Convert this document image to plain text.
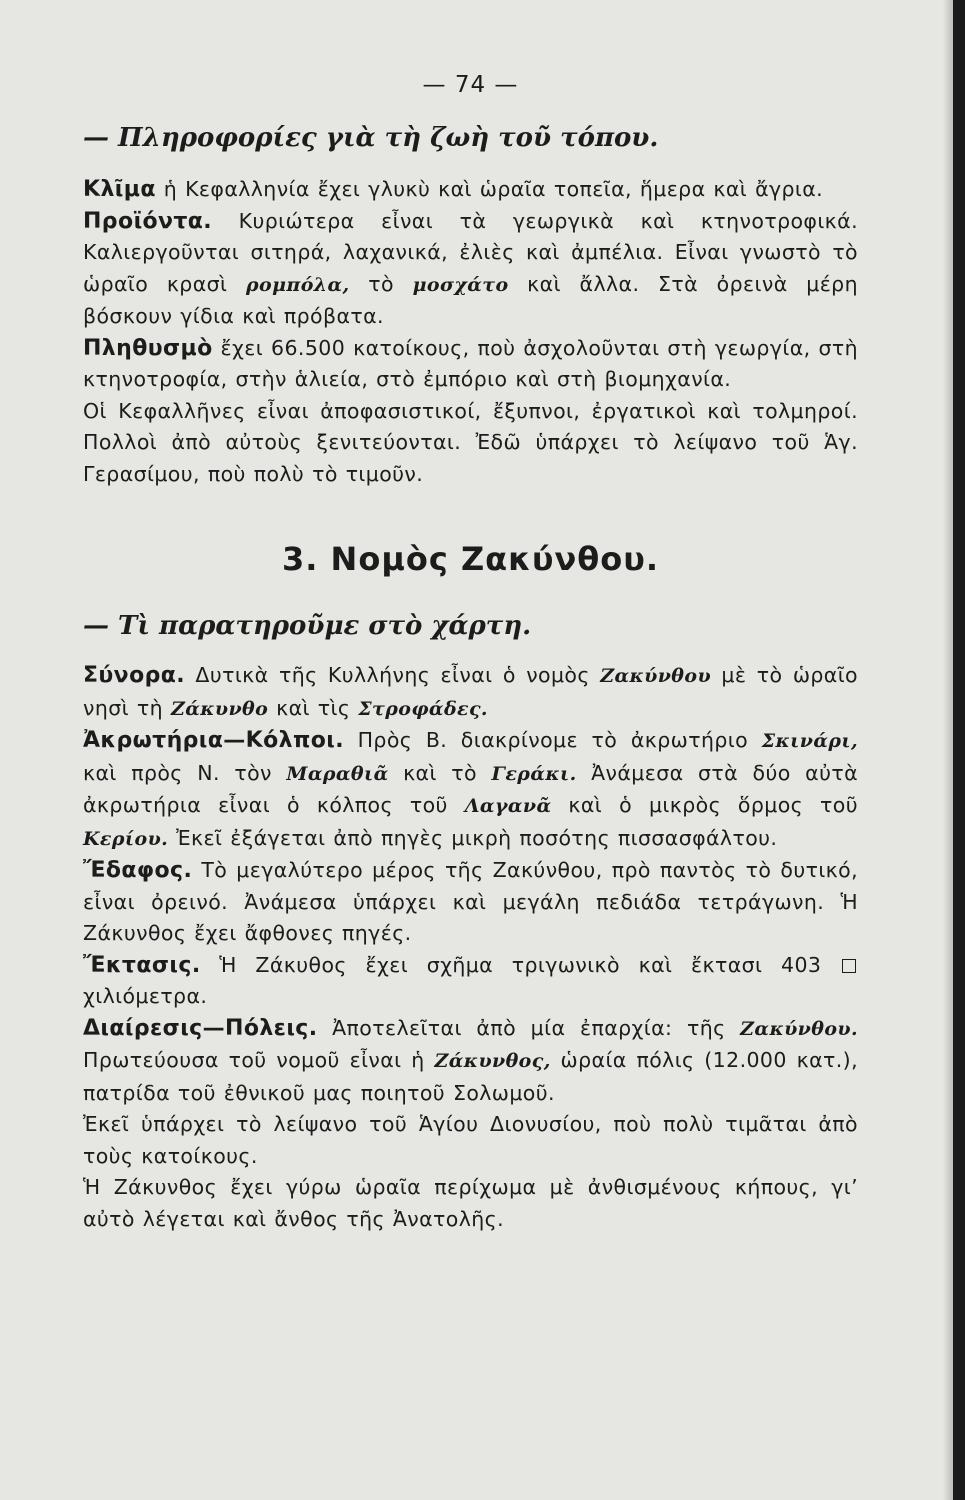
— 74 —

— Πληροφορίες γιὰ τὴ ζωὴ τοῦ τόπου.

Κλῖμα ἡ Κεφαλληνία ἔχει γλυκὺ καὶ ὡραῖα τοπεῖα, ἥμερα καὶ ἄγρια.

Προϊόντα. Κυριώτερα εἶναι τὰ γεωργικὰ καὶ κτηνοτροφικά. Καλιεργοῦνται σιτηρά, λαχανικά, ἐλιὲς καὶ ἀμπέλια. Εἶναι γνωστὸ τὸ ὡραῖο κρασὶ ρομπόλα, τὸ μοσχάτο καὶ ἄλλα. Στὰ ὀρεινὰ μέρη βόσκουν γίδια καὶ πρόβατα.

Πληθυσμὸ ἔχει 66.500 κατοίκους, ποὺ ἀσχολοῦνται στὴ γεωργία, στὴ κτηνοτροφία, στὴν ἁλιεία, στὸ ἐμπόριο καὶ στὴ βιομηχανία.

Οἱ Κεφαλλῆνες εἶναι ἀποφασιστικοί, ἔξυπνοι, ἐργατικοὶ καὶ τολμηροί. Πολλοὶ ἀπὸ αὐτοὺς ξενιτεύονται. Ἐδῶ ὑπάρχει τὸ λείψανο τοῦ Ἁγ. Γερασίμου, ποὺ πολὺ τὸ τιμοῦν.

3. Νομὸς Ζακύνθου.

— Τὶ παρατηροῦμε στὸ χάρτη.

Σύνορα. Δυτικὰ τῆς Κυλλήνης εἶναι ὁ νομὸς Ζακύνθου μὲ τὸ ὡραῖο νησὶ τὴ Ζάκυνθο καὶ τὶς Στροφάδες.

Ἀκρωτήρια—Κόλποι. Πρὸς Β. διακρίνομε τὸ ἀκρωτήριο Σκινάρι, καὶ πρὸς Ν. τὸν Μαραθιᾶ καὶ τὸ Γεράκι. Ἀνάμεσα στὰ δύο αὐτὰ ἀκρωτήρια εἶναι ὁ κόλπος τοῦ Λαγανᾶ καὶ ὁ μικρὸς ὅρμος τοῦ Κερίου. Ἐκεῖ ἐξάγεται ἀπὸ πηγὲς μικρὴ ποσότης πισσασφάλτου.

Ἔδαφος. Τὸ μεγαλύτερο μέρος τῆς Ζακύνθου, πρὸ παντὸς τὸ δυτικό, εἶναι ὀρεινό. Ἀνάμεσα ὑπάρχει καὶ μεγάλη πεδιάδα τετράγωνη. Ἡ Ζάκυνθος ἔχει ἄφθονες πηγές.

Ἔκτασις. Ἡ Ζάκυθος ἔχει σχῆμα τριγωνικὸ καὶ ἔκτασι 403  χιλιόμετρα.

Διαίρεσις—Πόλεις. Ἀποτελεῖται ἀπὸ μία ἐπαρχία: τῆς Ζακύνθου. Πρωτεύουσα τοῦ νομοῦ εἶναι ἡ Ζάκυνθος, ὡραία πόλις (12.000 κατ.), πατρίδα τοῦ ἐθνικοῦ μας ποιητοῦ Σολωμοῦ.

Ἐκεῖ ὑπάρχει τὸ λείψανο τοῦ Ἁγίου Διονυσίου, ποὺ πολὺ τιμᾶται ἀπὸ τοὺς κατοίκους.

Ἡ Ζάκυνθος ἔχει γύρω ὡραῖα περίχωμα μὲ ἀνθισμένους κήπους, γι’ αὐτὸ λέγεται καὶ ἄνθος τῆς Ἀνατολῆς.
